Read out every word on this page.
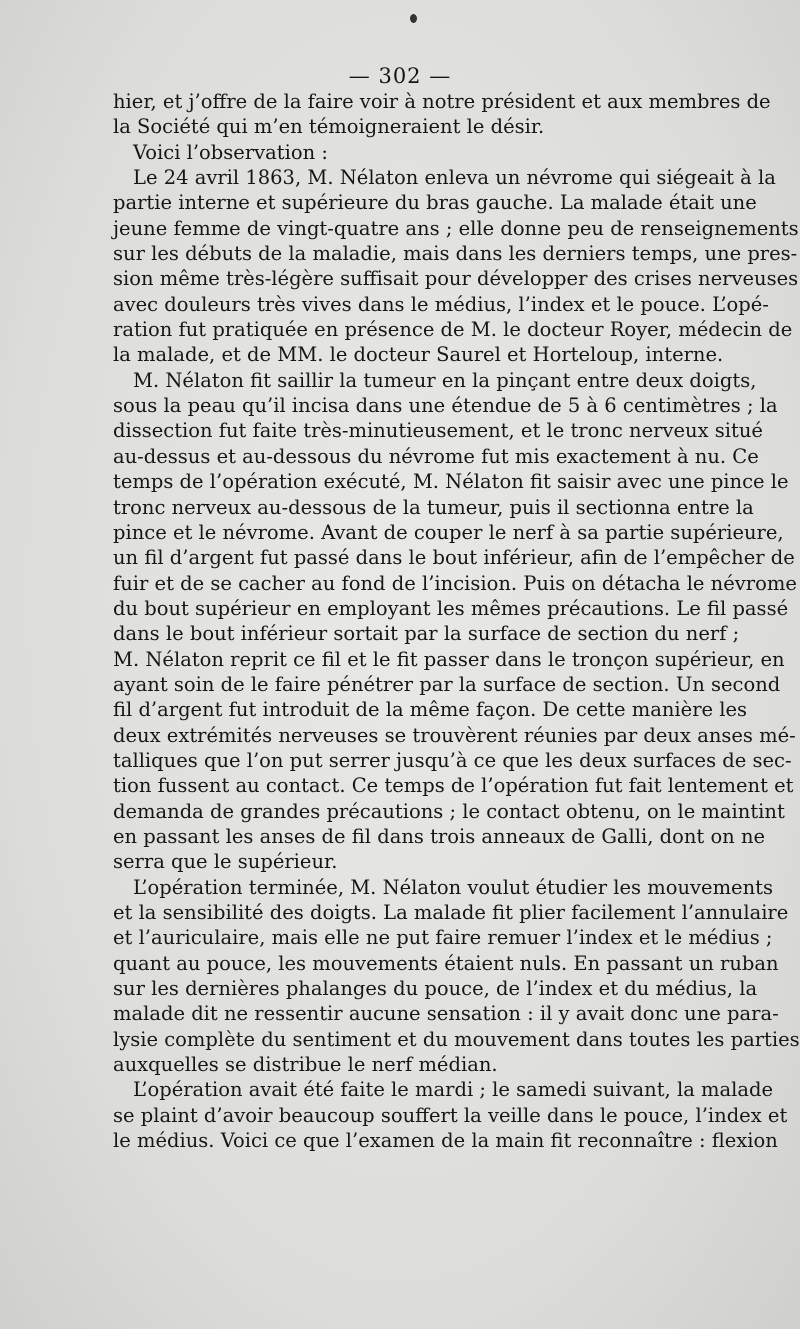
— 302 —
hier, et j’offre de la faire voir à notre président et aux membres de
la Société qui m’en témoigneraient le désir.
Voici l’observation :
Le 24 avril 1863, M. Nélaton enleva un névrome qui siégeait à la
partie interne et supérieure du bras gauche. La malade était une
jeune femme de vingt-quatre ans ; elle donne peu de renseignements
sur les débuts de la maladie, mais dans les derniers temps, une pres-
sion même très-légère suffisait pour développer des crises nerveuses
avec douleurs très vives dans le médius, l’index et le pouce. L’opé-
ration fut pratiquée en présence de M. le docteur Royer, médecin de
la malade, et de MM. le docteur Saurel et Horteloup, interne.
M. Nélaton fit saillir la tumeur en la pinçant entre deux doigts,
sous la peau qu’il incisa dans une étendue de 5 à 6 centimètres ; la
dissection fut faite très-minutieusement, et le tronc nerveux situé
au-dessus et au-dessous du névrome fut mis exactement à nu. Ce
temps de l’opération exécuté, M. Nélaton fit saisir avec une pince le
tronc nerveux au-dessous de la tumeur, puis il sectionna entre la
pince et le névrome. Avant de couper le nerf à sa partie supérieure,
un fil d’argent fut passé dans le bout inférieur, afin de l’empêcher de
fuir et de se cacher au fond de l’incision. Puis on détacha le névrome
du bout supérieur en employant les mêmes précautions. Le fil passé
dans le bout inférieur sortait par la surface de section du nerf ;
M. Nélaton reprit ce fil et le fit passer dans le tronçon supérieur, en
ayant soin de le faire pénétrer par la surface de section. Un second
fil d’argent fut introduit de la même façon. De cette manière les
deux extrémités nerveuses se trouvèrent réunies par deux anses mé-
talliques que l’on put serrer jusqu’à ce que les deux surfaces de sec-
tion fussent au contact. Ce temps de l’opération fut fait lentement et
demanda de grandes précautions ; le contact obtenu, on le maintint
en passant les anses de fil dans trois anneaux de Galli, dont on ne
serra que le supérieur.
L’opération terminée, M. Nélaton voulut étudier les mouvements
et la sensibilité des doigts. La malade fit plier facilement l’annulaire
et l’auriculaire, mais elle ne put faire remuer l’index et le médius ;
quant au pouce, les mouvements étaient nuls. En passant un ruban
sur les dernières phalanges du pouce, de l’index et du médius, la
malade dit ne ressentir aucune sensation : il y avait donc une para-
lysie complète du sentiment et du mouvement dans toutes les parties
auxquelles se distribue le nerf médian.
L’opération avait été faite le mardi ; le samedi suivant, la malade
se plaint d’avoir beaucoup souffert la veille dans le pouce, l’index et
le médius. Voici ce que l’examen de la main fit reconnaître : flexion
